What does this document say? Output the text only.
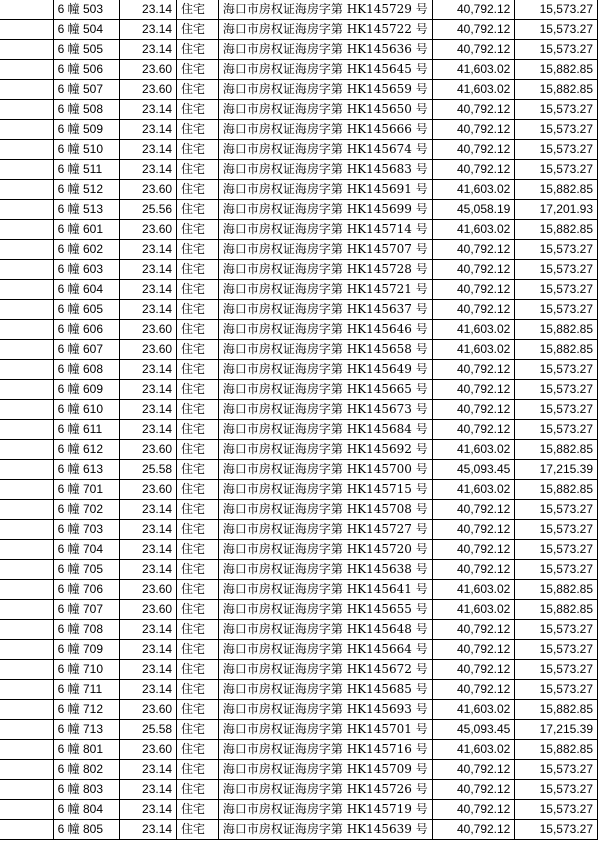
	6 幢 503	23.14	住宅	海口市房权证海房字第 HK145729 号	40,792.12	15,573.27
	6 幢 504	23.14	住宅	海口市房权证海房字第 HK145722 号	40,792.12	15,573.27
	6 幢 505	23.14	住宅	海口市房权证海房字第 HK145636 号	40,792.12	15,573.27
	6 幢 506	23.60	住宅	海口市房权证海房字第 HK145645 号	41,603.02	15,882.85
	6 幢 507	23.60	住宅	海口市房权证海房字第 HK145659 号	41,603.02	15,882.85
	6 幢 508	23.14	住宅	海口市房权证海房字第 HK145650 号	40,792.12	15,573.27
	6 幢 509	23.14	住宅	海口市房权证海房字第 HK145666 号	40,792.12	15,573.27
	6 幢 510	23.14	住宅	海口市房权证海房字第 HK145674 号	40,792.12	15,573.27
	6 幢 511	23.14	住宅	海口市房权证海房字第 HK145683 号	40,792.12	15,573.27
	6 幢 512	23.60	住宅	海口市房权证海房字第 HK145691 号	41,603.02	15,882.85
	6 幢 513	25.56	住宅	海口市房权证海房字第 HK145699 号	45,058.19	17,201.93
	6 幢 601	23.60	住宅	海口市房权证海房字第 HK145714 号	41,603.02	15,882.85
	6 幢 602	23.14	住宅	海口市房权证海房字第 HK145707 号	40,792.12	15,573.27
	6 幢 603	23.14	住宅	海口市房权证海房字第 HK145728 号	40,792.12	15,573.27
	6 幢 604	23.14	住宅	海口市房权证海房字第 HK145721 号	40,792.12	15,573.27
	6 幢 605	23.14	住宅	海口市房权证海房字第 HK145637 号	40,792.12	15,573.27
	6 幢 606	23.60	住宅	海口市房权证海房字第 HK145646 号	41,603.02	15,882.85
	6 幢 607	23.60	住宅	海口市房权证海房字第 HK145658 号	41,603.02	15,882.85
	6 幢 608	23.14	住宅	海口市房权证海房字第 HK145649 号	40,792.12	15,573.27
	6 幢 609	23.14	住宅	海口市房权证海房字第 HK145665 号	40,792.12	15,573.27
	6 幢 610	23.14	住宅	海口市房权证海房字第 HK145673 号	40,792.12	15,573.27
	6 幢 611	23.14	住宅	海口市房权证海房字第 HK145684 号	40,792.12	15,573.27
	6 幢 612	23.60	住宅	海口市房权证海房字第 HK145692 号	41,603.02	15,882.85
	6 幢 613	25.58	住宅	海口市房权证海房字第 HK145700 号	45,093.45	17,215.39
	6 幢 701	23.60	住宅	海口市房权证海房字第 HK145715 号	41,603.02	15,882.85
	6 幢 702	23.14	住宅	海口市房权证海房字第 HK145708 号	40,792.12	15,573.27
	6 幢 703	23.14	住宅	海口市房权证海房字第 HK145727 号	40,792.12	15,573.27
	6 幢 704	23.14	住宅	海口市房权证海房字第 HK145720 号	40,792.12	15,573.27
	6 幢 705	23.14	住宅	海口市房权证海房字第 HK145638 号	40,792.12	15,573.27
	6 幢 706	23.60	住宅	海口市房权证海房字第 HK145641 号	41,603.02	15,882.85
	6 幢 707	23.60	住宅	海口市房权证海房字第 HK145655 号	41,603.02	15,882.85
	6 幢 708	23.14	住宅	海口市房权证海房字第 HK145648 号	40,792.12	15,573.27
	6 幢 709	23.14	住宅	海口市房权证海房字第 HK145664 号	40,792.12	15,573.27
	6 幢 710	23.14	住宅	海口市房权证海房字第 HK145672 号	40,792.12	15,573.27
	6 幢 711	23.14	住宅	海口市房权证海房字第 HK145685 号	40,792.12	15,573.27
	6 幢 712	23.60	住宅	海口市房权证海房字第 HK145693 号	41,603.02	15,882.85
	6 幢 713	25.58	住宅	海口市房权证海房字第 HK145701 号	45,093.45	17,215.39
	6 幢 801	23.60	住宅	海口市房权证海房字第 HK145716 号	41,603.02	15,882.85
	6 幢 802	23.14	住宅	海口市房权证海房字第 HK145709 号	40,792.12	15,573.27
	6 幢 803	23.14	住宅	海口市房权证海房字第 HK145726 号	40,792.12	15,573.27
	6 幢 804	23.14	住宅	海口市房权证海房字第 HK145719 号	40,792.12	15,573.27
	6 幢 805	23.14	住宅	海口市房权证海房字第 HK145639 号	40,792.12	15,573.27
